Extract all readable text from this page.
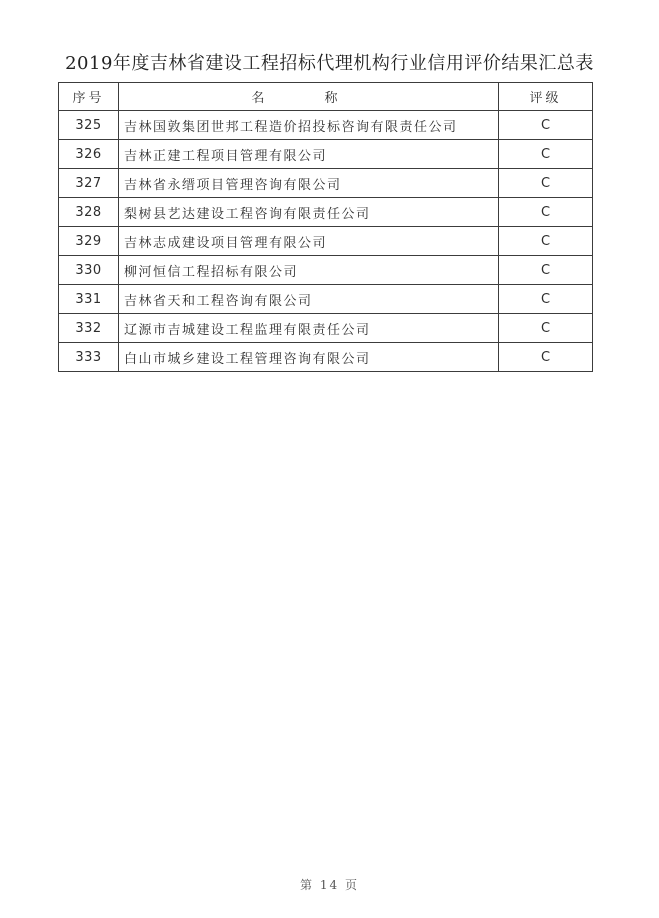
2019年度吉林省建设工程招标代理机构行业信用评价结果汇总表
序号	名 称	评级
325	吉林国敦集团世邦工程造价招投标咨询有限责任公司	C
326	吉林正建工程项目管理有限公司	C
327	吉林省永缙项目管理咨询有限公司	C
328	梨树县艺达建设工程咨询有限责任公司	C
329	吉林志成建设项目管理有限公司	C
330	柳河恒信工程招标有限公司	C
331	吉林省天和工程咨询有限公司	C
332	辽源市吉城建设工程监理有限责任公司	C
333	白山市城乡建设工程管理咨询有限公司	C
第 14 页
